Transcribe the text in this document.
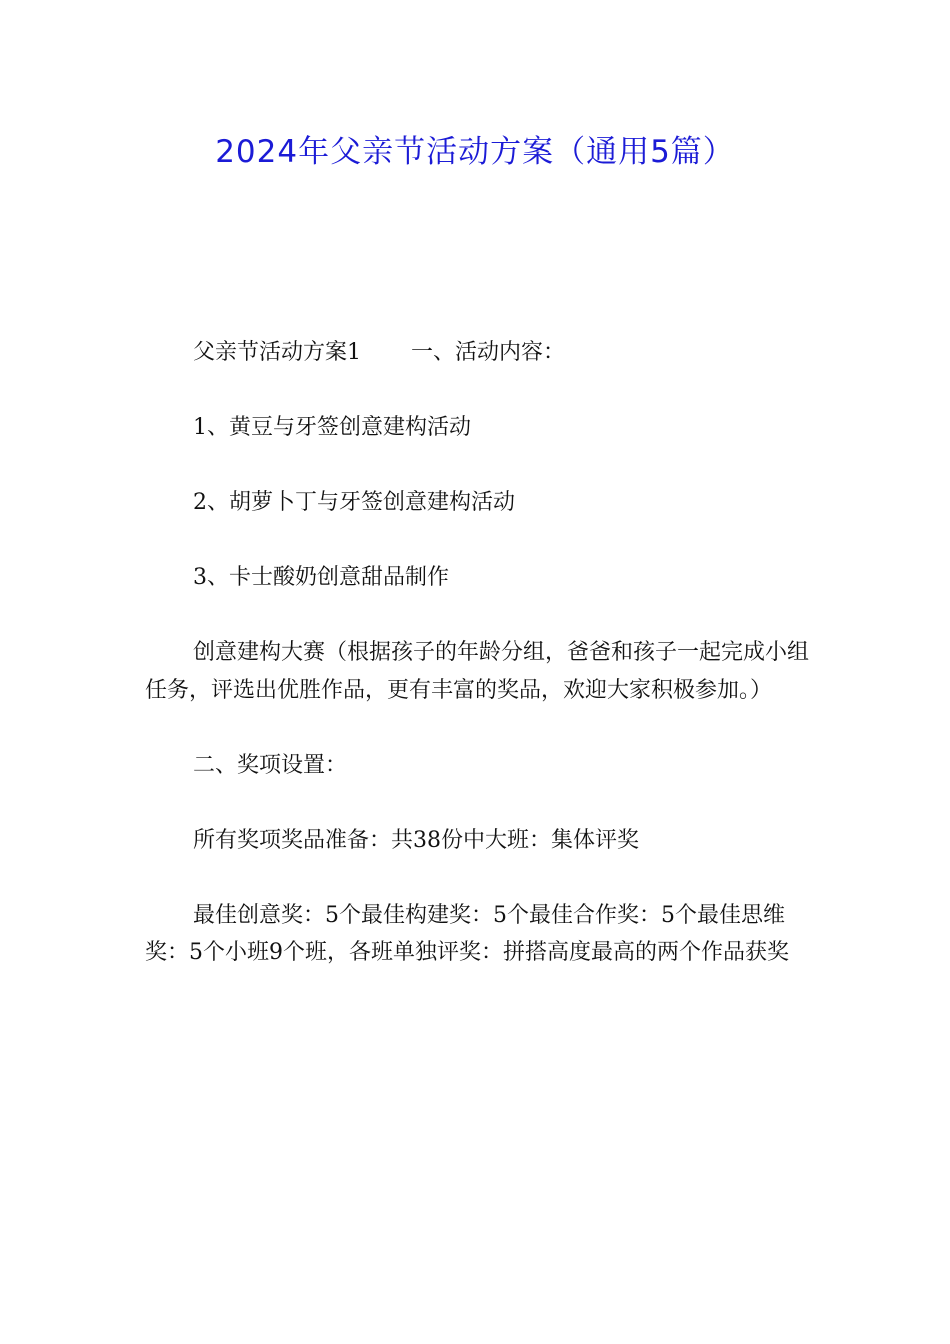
2024年父亲节活动方案（通用5篇）

父亲节活动方案1 一、活动内容：

1、黄豆与牙签创意建构活动

2、胡萝卜丁与牙签创意建构活动

3、卡士酸奶创意甜品制作

创意建构大赛（根据孩子的年龄分组，爸爸和孩子一起完成小组任务，评选出优胜作品，更有丰富的奖品，欢迎大家积极参加。）

二、奖项设置：

所有奖项奖品准备：共38份中大班：集体评奖

最佳创意奖：5个最佳构建奖：5个最佳合作奖：5个最佳思维奖：5个小班9个班，各班单独评奖：拼搭高度最高的两个作品获奖
